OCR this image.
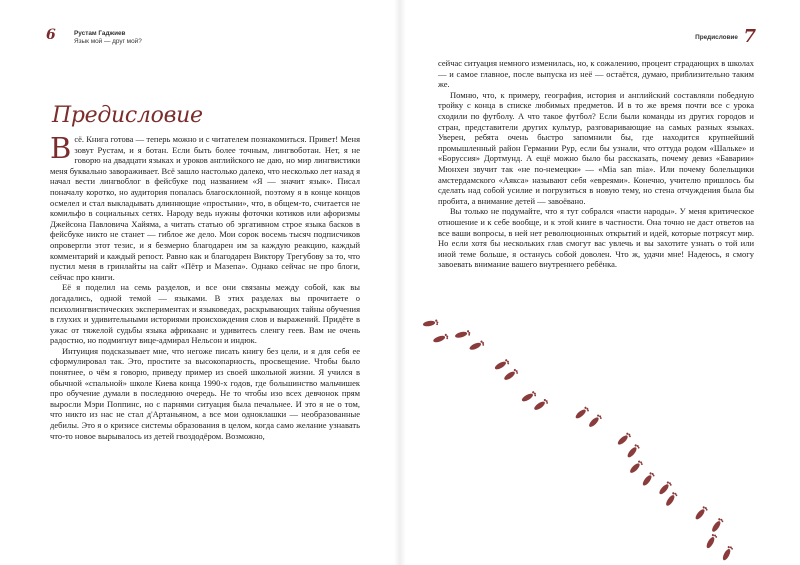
6	Рустам Гаджиев
Язык мой — друг мой?
Предисловие

Всё. Книга готова — теперь можно и с читателем познакомиться. Привет! Меня зовут Рустам, и я ботан. Если быть более точным, лингвоботан. Нет, я не говорю на двадцати языках и уроков английского не даю, но мир лингвистики меня буквально завораживает. Всё зашло настолько далеко, что несколько лет назад я начал вести лингвоблог в фейсбуке под названием «Я — значит язык». Писал поначалу коротко, но аудитория попалась благосклонной, поэтому я в конце концов осмелел и стал выкладывать длиннющие «простыни», что, в общем-то, считается не комильфо в социальных сетях. Народу ведь нужны фоточки котиков или афоризмы Джейсона Павловича Хайяма, а читать статью об эргативном строе языка басков в фейсбуке никто не станет — гиблое же дело. Мои сорок восемь тысяч подписчиков опровергли этот тезис, и я безмерно благодарен им за каждую реакцию, каждый комментарий и каждый репост. Равно как и благодарен Виктору Трегубову за то, что пустил меня в гринлайты на сайт «Пётр и Мазепа». Однако сейчас не про блоги, сейчас про книги.

Её я поделил на семь разделов, и все они связаны между собой, как вы догадались, одной темой — языками. В этих разделах вы прочитаете о психолингвистических экспериментах и языковедах, раскрывающих тайны обучения в глухих и удивительными историями происхождения слов и выражений. Придёте в ужас от тяжелой судьбы языка африкаанс и удивитесь сленгу геев. Вам не очень радостно, но подмигнут вице-адмирал Нельсон и индюк.

Интуиция подсказывает мне, что негоже писать книгу без цели, и я для себя ее сформулировал так. Это, простите за высокопарность, просвещение. Чтобы было понятнее, о чём я говорю, приведу пример из своей школьной жизни. Я учился в обычной «спальной» школе Киева конца 1990-х годов, где большинство мальчишек про обучение думали в последнюю очередь. Не то чтобы изо всех девчонок прям выросли Мэри Поппинс, но с парнями ситуация была печальнее. И это я не о том, что никто из нас не стал д'Артаньяном, а все мои одноклашки — необразованные дебилы. Это я о кризисе системы образования в целом, когда само желание узнавать что-то новое вырывалось из детей гвоздодёром. Возможно,

Предисловие 7

сейчас ситуация немного изменилась, но, к сожалению, процент страдающих в школах — и самое главное, после выпуска из неё — остаётся, думаю, приблизительно таким же.

Помню, что, к примеру, география, история и английский составляли победную тройку с конца в списке любимых предметов. И в то же время почти все с урока сходили по футболу. А что такое футбол? Если были команды из других городов и стран, представители других культур, разговаривающие на самых разных языках. Уверен, ребята очень быстро запомнили бы, где находится крупнейший промышленный район Германии Рур, если бы узнали, что оттуда родом «Шальке» и «Боруссия» Дортмунд. А ещё можно было бы рассказать, почему девиз «Баварии» Мюнхен звучит так «не по-немецки» — «Mia san mia». Или почему болельщики амстердамского «Аякса» называют себя «евреями». Конечно, учителю пришлось бы сделать над собой усилие и погрузиться в новую тему, но стена отчуждения была бы пробита, а внимание детей — завоёвано.

Вы только не подумайте, что я тут собрался «пасти народы». У меня критическое отношение и к себе вообще, и к этой книге в частности. Она точно не даст ответов на все ваши вопросы, в ней нет революционных открытий и идей, которые потрясут мир. Но если хотя бы нескольких глав смогут вас увлечь и вы захотите узнать о той или иной теме больше, я останусь собой доволен. Что ж, удачи мне! Надеюсь, я смогу завоевать внимание вашего внутреннего ребёнка.
